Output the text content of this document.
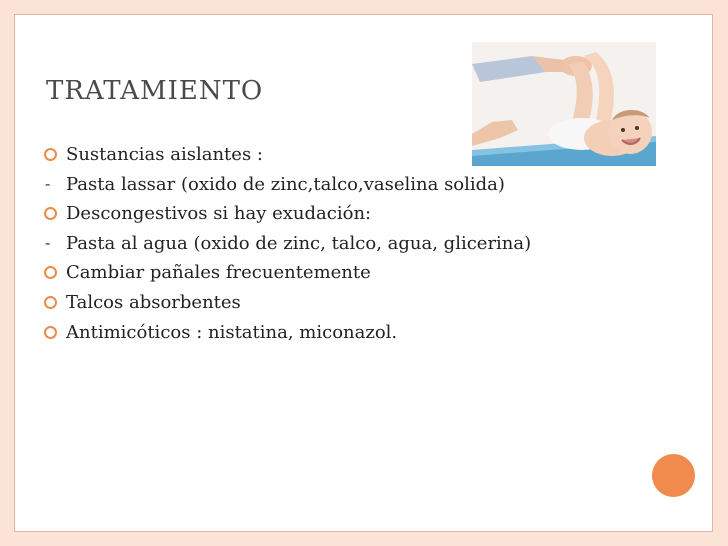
TRATAMIENTO
Sustancias aislantes :
- Pasta lassar (oxido de zinc,talco,vaselina solida)
Descongestivos si hay exudación:
- Pasta al agua (oxido de zinc, talco, agua, glicerina)
Cambiar pañales frecuentemente
Talcos absorbentes
Antimicóticos : nistatina, miconazol.
